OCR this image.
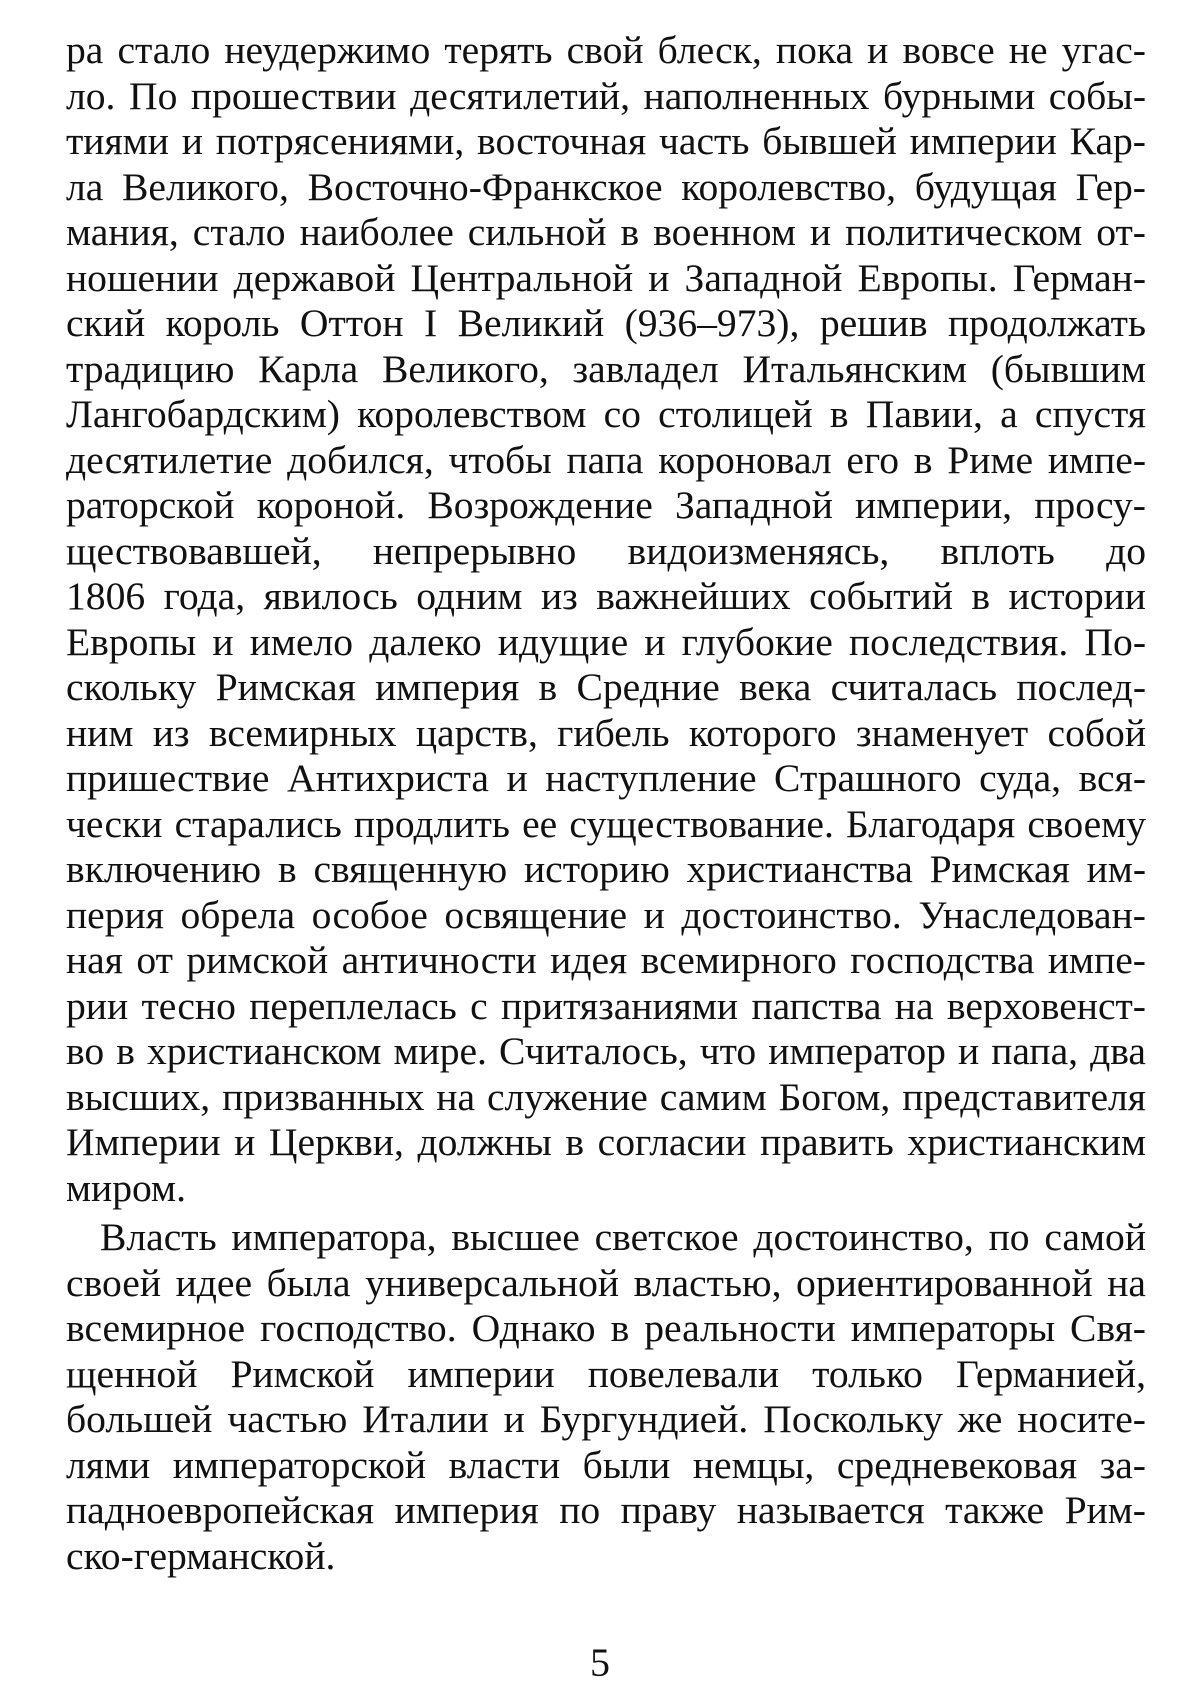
ра стало неудержимо терять свой блеск, пока и вовсе не угас-
ло. По прошествии десятилетий, наполненных бурными собы-
тиями и потрясениями, восточная часть бывшей империи Кар-
ла Великого, Восточно-Франкское королевство, будущая Гер-
мания, стало наиболее сильной в военном и политическом от-
ношении державой Центральной и Западной Европы. Герман-
ский король Оттон I Великий (936–973), решив продолжать
традицию Карла Великого, завладел Итальянским (бывшим
Лангобардским) королевством со столицей в Павии, а спустя
десятилетие добился, чтобы папа короновал его в Риме импе-
раторской короной. Возрождение Западной империи, просу-
ществовавшей, непрерывно видоизменяясь, вплоть до
1806 года, явилось одним из важнейших событий в истории
Европы и имело далеко идущие и глубокие последствия. По-
скольку Римская империя в Средние века считалась послед-
ним из всемирных царств, гибель которого знаменует собой
пришествие Антихриста и наступление Страшного суда, вся-
чески старались продлить ее существование. Благодаря своему
включению в священную историю христианства Римская им-
перия обрела особое освящение и достоинство. Унаследован-
ная от римской античности идея всемирного господства импе-
рии тесно переплелась с притязаниями папства на верховенст-
во в христианском мире. Считалось, что император и папа, два
высших, призванных на служение самим Богом, представителя
Империи и Церкви, должны в согласии править христианским
миром.

Власть императора, высшее светское достоинство, по самой
своей идее была универсальной властью, ориентированной на
всемирное господство. Однако в реальности императоры Свя-
щенной Римской империи повелевали только Германией,
большей частью Италии и Бургундией. Поскольку же носите-
лями императорской власти были немцы, средневековая за-
падноевропейская империя по праву называется также Рим-
ско-германской.

5
